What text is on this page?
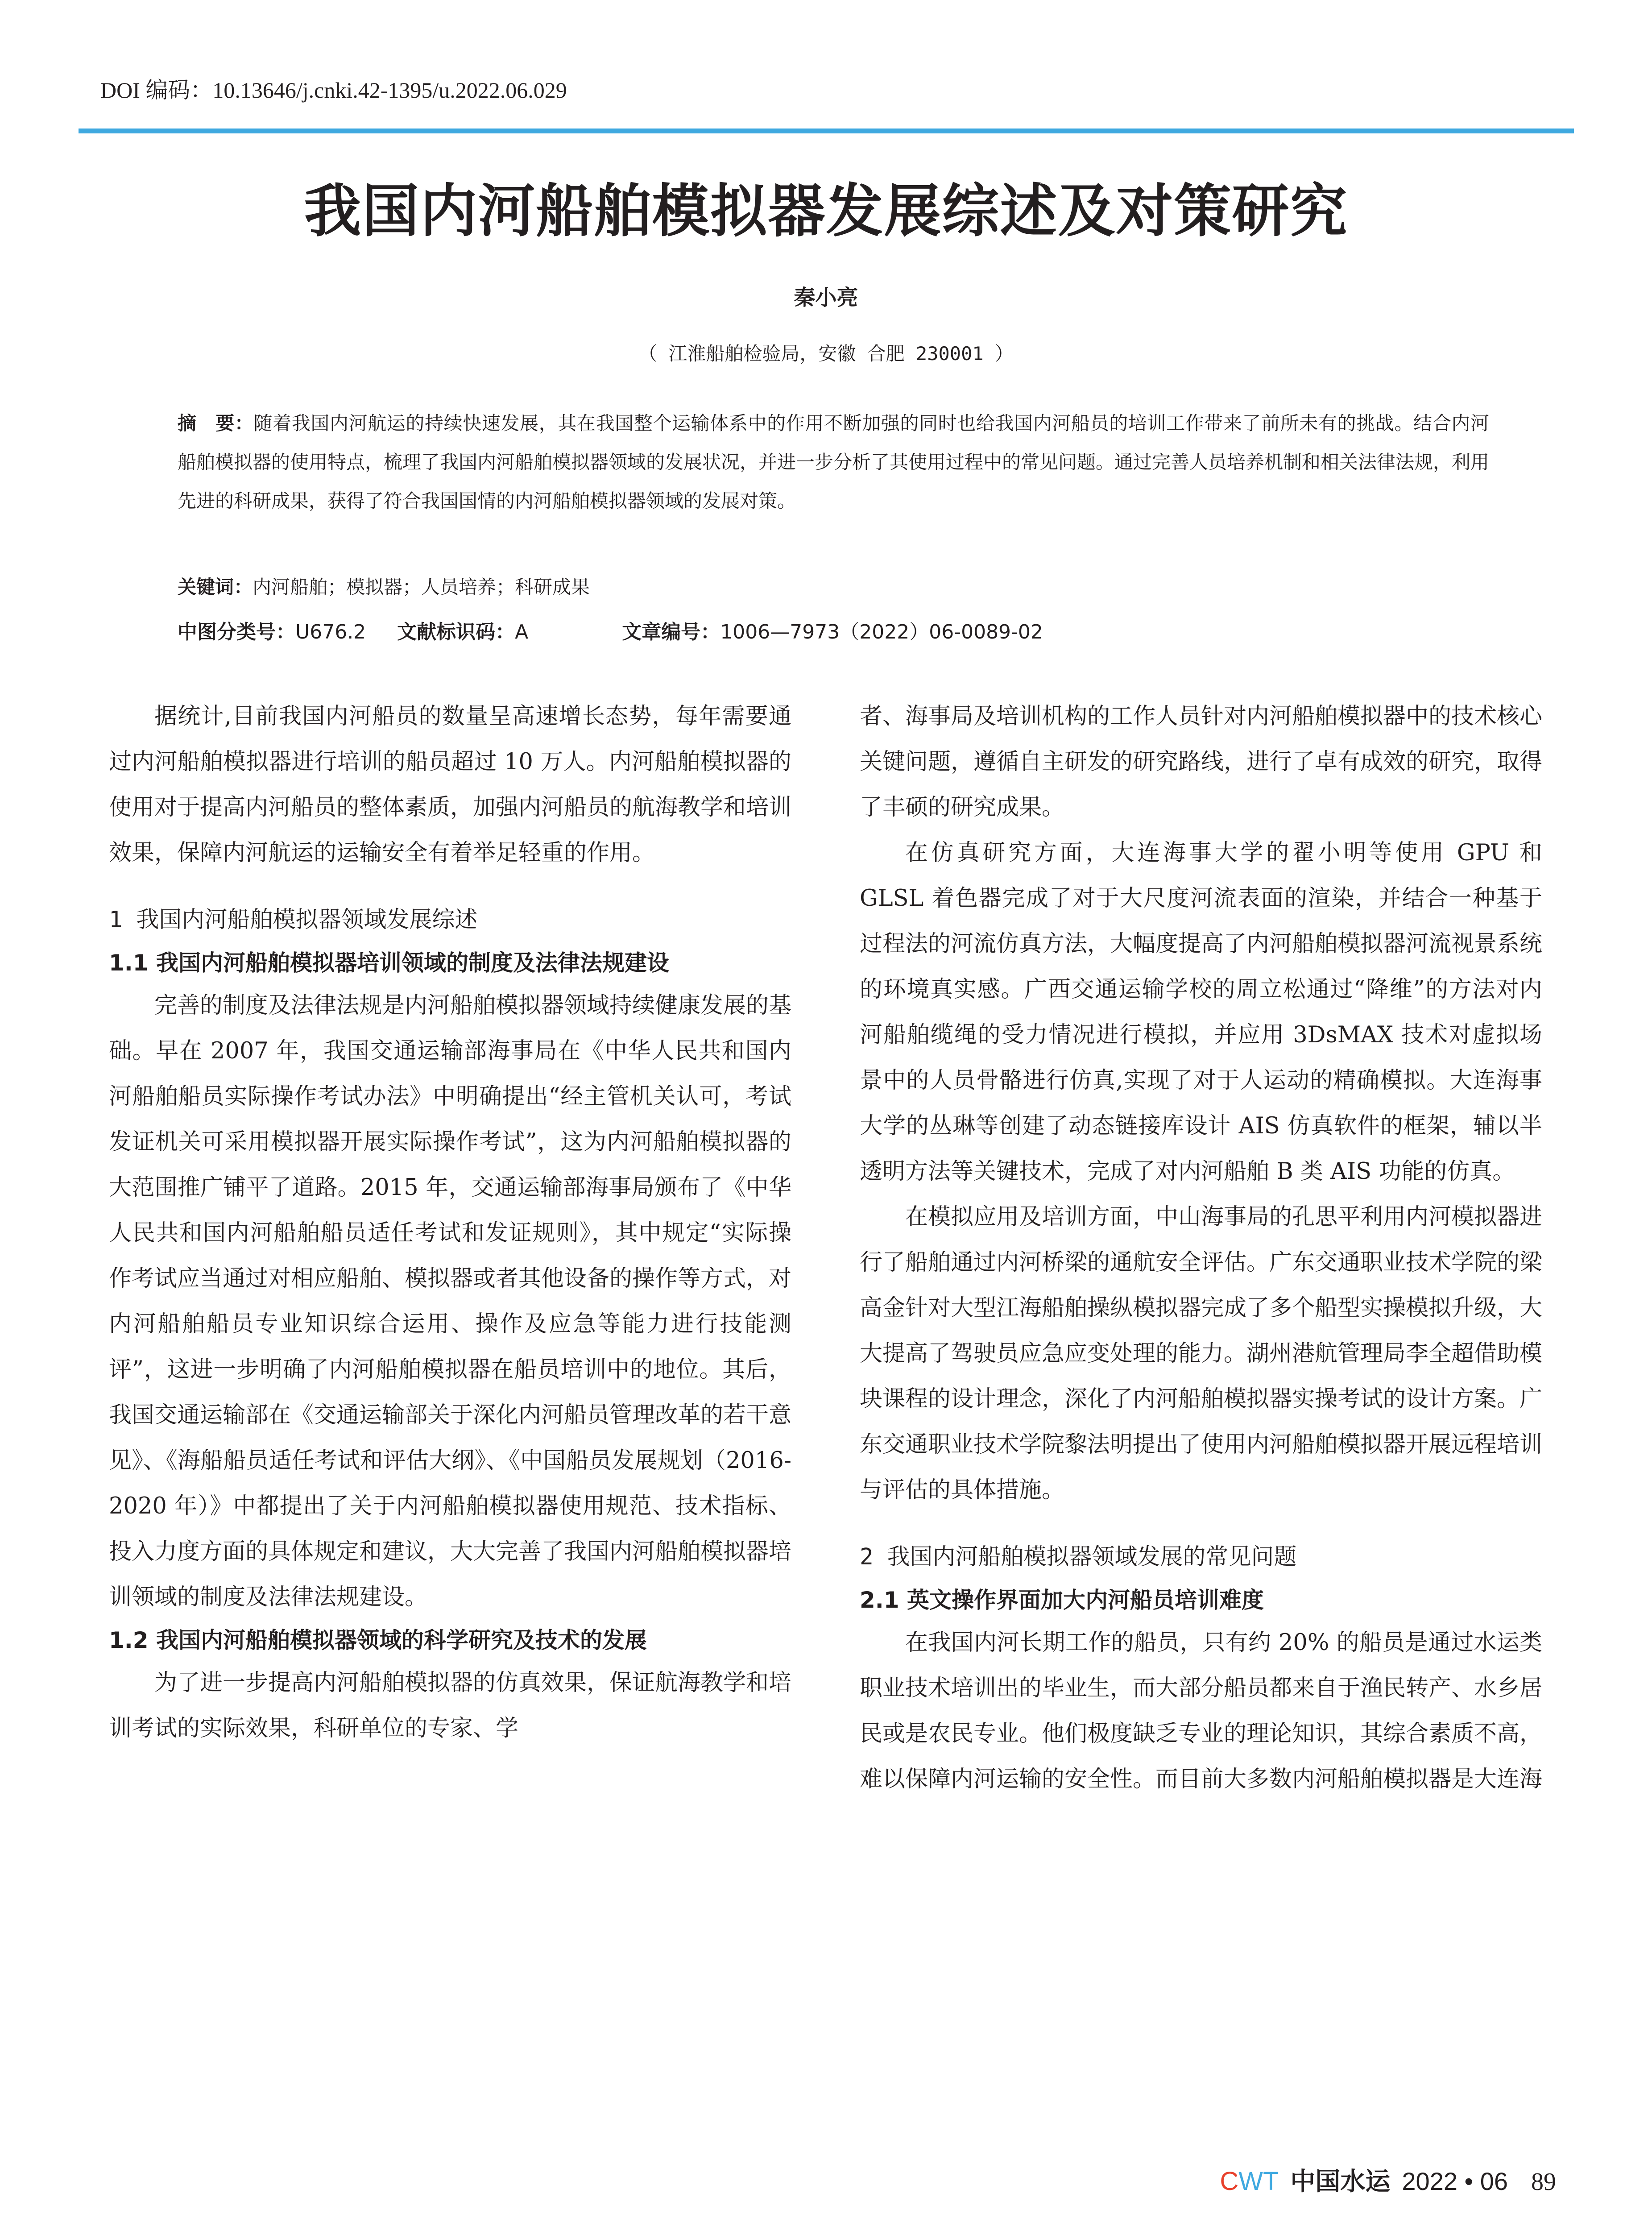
DOI 编码：10.13646/j.cnki.42-1395/u.2022.06.029
我国内河船舶模拟器发展综述及对策研究
秦小亮
（ 江淮船舶检验局，安徽 合肥 230001 ）
摘　要：随着我国内河航运的持续快速发展，其在我国整个运输体系中的作用不断加强的同时也给我国内河船员的培训工作带来了前所未有的挑战。结合内河船舶模拟器的使用特点，梳理了我国内河船舶模拟器领域的发展状况，并进一步分析了其使用过程中的常见问题。通过完善人员培养机制和相关法律法规，利用先进的科研成果，获得了符合我国国情的内河船舶模拟器领域的发展对策。
关键词：内河船舶；模拟器；人员培养；科研成果
中图分类号：U676.2 文献标识码：A	文章编号：1006—7973（2022）06-0089-02

据统计,目前我国内河船员的数量呈高速增长态势，每年需要通过内河船舶模拟器进行培训的船员超过 10 万人。内河船舶模拟器的使用对于提高内河船员的整体素质，加强内河船员的航海教学和培训效果，保障内河航运的运输安全有着举足轻重的作用。

1 我国内河船舶模拟器领域发展综述
1.1 我国内河船舶模拟器培训领域的制度及法律法规建设

完善的制度及法律法规是内河船舶模拟器领域持续健康发展的基础。早在 2007 年，我国交通运输部海事局在《中华人民共和国内河船舶船员实际操作考试办法》中明确提出“经主管机关认可，考试发证机关可采用模拟器开展实际操作考试”，这为内河船舶模拟器的大范围推广铺平了道路。2015 年，交通运输部海事局颁布了《中华人民共和国内河船舶船员适任考试和发证规则》，其中规定“实际操作考试应当通过对相应船舶、模拟器或者其他设备的操作等方式，对内河船舶船员专业知识综合运用、操作及应急等能力进行技能测评”，这进一步明确了内河船舶模拟器在船员培训中的地位。其后，我国交通运输部在《交通运输部关于深化内河船员管理改革的若干意见》、《海船船员适任考试和评估大纲》、《中国船员发展规划（2016-2020 年）》中都提出了关于内河船舶模拟器使用规范、技术指标、投入力度方面的具体规定和建议，大大完善了我国内河船舶模拟器培训领域的制度及法律法规建设。

1.2 我国内河船舶模拟器领域的科学研究及技术的发展

为了进一步提高内河船舶模拟器的仿真效果，保证航海教学和培训考试的实际效果，科研单位的专家、学

者、海事局及培训机构的工作人员针对内河船舶模拟器中的技术核心关键问题，遵循自主研发的研究路线，进行了卓有成效的研究，取得了丰硕的研究成果。

在仿真研究方面，大连海事大学的翟小明等使用 GPU 和 GLSL 着色器完成了对于大尺度河流表面的渲染，并结合一种基于过程法的河流仿真方法，大幅度提高了内河船舶模拟器河流视景系统的环境真实感。广西交通运输学校的周立松通过“降维”的方法对内河船舶缆绳的受力情况进行模拟，并应用 3DsMAX 技术对虚拟场景中的人员骨骼进行仿真,实现了对于人运动的精确模拟。大连海事大学的丛琳等创建了动态链接库设计 AIS 仿真软件的框架，辅以半透明方法等关键技术，完成了对内河船舶 B 类 AIS 功能的仿真。

在模拟应用及培训方面，中山海事局的孔思平利用内河模拟器进行了船舶通过内河桥梁的通航安全评估。广东交通职业技术学院的梁高金针对大型江海船舶操纵模拟器完成了多个船型实操模拟升级，大大提高了驾驶员应急应变处理的能力。湖州港航管理局李全超借助模块课程的设计理念，深化了内河船舶模拟器实操考试的设计方案。广东交通职业技术学院黎法明提出了使用内河船舶模拟器开展远程培训与评估的具体措施。

2 我国内河船舶模拟器领域发展的常见问题
2.1 英文操作界面加大内河船员培训难度

在我国内河长期工作的船员，只有约 20% 的船员是通过水运类职业技术培训出的毕业生，而大部分船员都来自于渔民转产、水乡居民或是农民专业。他们极度缺乏专业的理论知识，其综合素质不高，难以保障内河运输的安全性。而目前大多数内河船舶模拟器是大连海

CWT 中国水运 2022 • 06 89
